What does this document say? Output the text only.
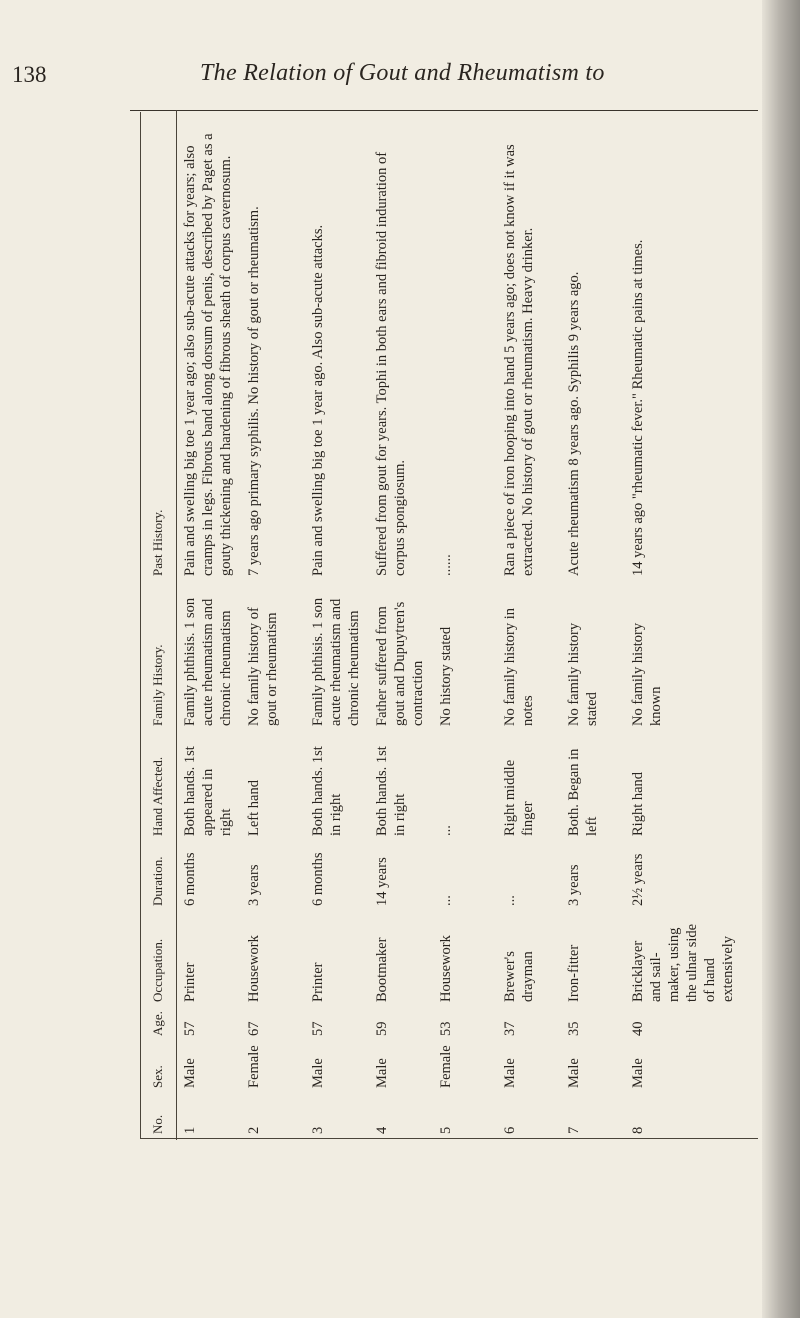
138	The Relation of Gout and Rheumatism to
No.	Sex.	Age.	Occupation.	Duration.	Hand Affected.	Family History.	Past History.
1	Male	57	Printer	6 months	Both hands. 1st appeared in right	Family phthisis. 1 son acute rheumatism and chronic rheumatism	Pain and swelling big toe 1 year ago; also sub-acute attacks for years; also cramps in legs. Fibrous band along dorsum of penis, described by Paget as a gouty thickening and hardening of fibrous sheath of corpus cavernosum.
2	Female	67	Housework	3 years	Left hand	No family history of gout or rheumatism	7 years ago primary syphilis. No history of gout or rheumatism.
3	Male	57	Printer	6 months	Both hands. 1st in right	Family phthisis. 1 son acute rheumatism and chronic rheumatism	Pain and swelling big toe 1 year ago. Also sub-acute attacks.
4	Male	59	Bootmaker	14 years	Both hands. 1st in right	Father suffered from gout and Dupuytren's contraction	Suffered from gout for years. Tophi in both ears and fibroid induration of corpus spongiosum.
5	Female	53	Housework	...	...	No history stated	......
6	Male	37	Brewer's drayman	...	Right middle finger	No family history in notes	Ran a piece of iron hooping into hand 5 years ago; does not know if it was extracted. No history of gout or rheumatism. Heavy drinker.
7	Male	35	Iron-fitter	3 years	Both. Began in left	No family history stated	Acute rheumatism 8 years ago. Syphilis 9 years ago.
8	Male	40	Bricklayer and sail-maker, using the ulnar side of hand extensively	2½ years	Right hand	No family history known	14 years ago "rheumatic fever." Rheumatic pains at times.
